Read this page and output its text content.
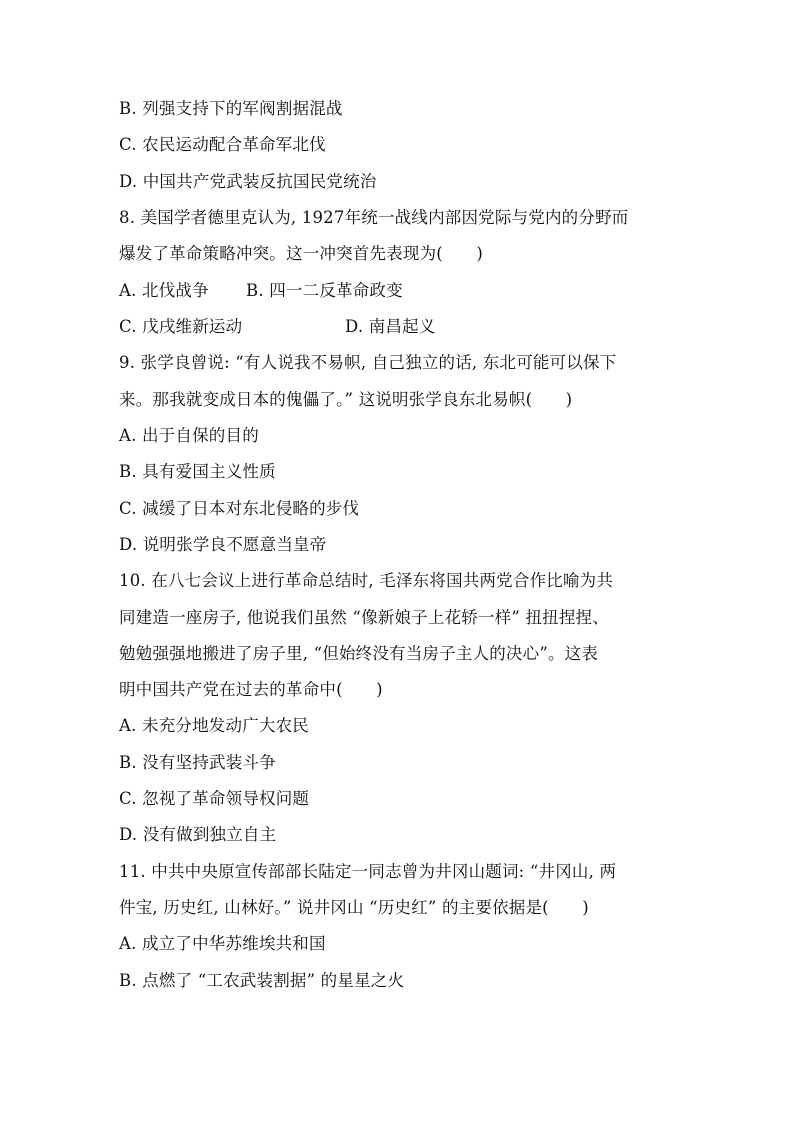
B. 列强支持下的军阀割据混战
C. 农民运动配合革命军北伐
D. 中国共产党武装反抗国民党统治
8. 美国学者德里克认为, 1927年统一战线内部因党际与党内的分野而
爆发了革命策略冲突。这一冲突首先表现为(　　)
A. 北伐战争 B. 四一二反革命政变
C. 戊戌维新运动	D. 南昌起义
9. 张学良曾说: “有人说我不易帜, 自己独立的话, 东北可能可以保下
来。那我就变成日本的傀儡了。” 这说明张学良东北易帜(　　)
A. 出于自保的目的
B. 具有爱国主义性质
C. 减缓了日本对东北侵略的步伐
D. 说明张学良不愿意当皇帝
10. 在八七会议上进行革命总结时, 毛泽东将国共两党合作比喻为共
同建造一座房子, 他说我们虽然 “像新娘子上花轿一样” 扭扭捏捏、
勉勉强强地搬进了房子里, “但始终没有当房子主人的决心”。这表
明中国共产党在过去的革命中(　　)
A. 未充分地发动广大农民
B. 没有坚持武装斗争
C. 忽视了革命领导权问题
D. 没有做到独立自主
11. 中共中央原宣传部部长陆定一同志曾为井冈山题词: “井冈山, 两
件宝, 历史红, 山林好。” 说井冈山 “历史红” 的主要依据是(　　)
A. 成立了中华苏维埃共和国
B. 点燃了 “工农武装割据” 的星星之火
